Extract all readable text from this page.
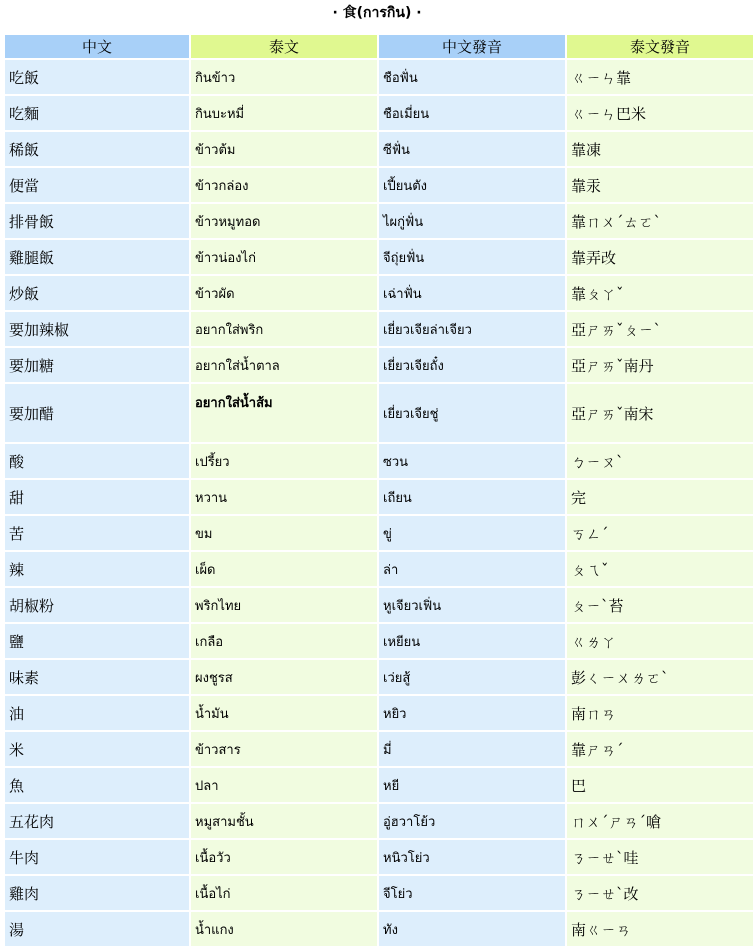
· 食(การกิน) ·
中文	泰文	中文發音	泰文發音
吃飯	กินข้าว	ชือฟั่น	ㄍㄧㄣ靠
吃麵	กินบะหมี่	ชือเมี่ยน	ㄍㄧㄣ巴米
稀飯	ข้าวต้ม	ซีฟั่น	靠凍
便當	ข้าวกล่อง	เปี้ยนตัง	靠汞
排骨飯	ข้าวหมูทอด	ไผกู่ฟั่น	靠ㄇㄨˊㄊㄛˋ
雞腿飯	ข้าวน่องไก่	จีถุ่ยฟั่น	靠弄改
炒飯	ข้าวผัด	เฉ่าฟั่น	靠ㄆㄚˇ
要加辣椒	อยากใส่พริก	เยี่ยวเจียล่าเจียว	亞ㄕㄞˇㄆㄧˋ
要加糖	อยากใส่น้ำตาล	เยี่ยวเจียถั๋ง	亞ㄕㄞˇ南丹
要加醋	อยากใส่น้ำส้ม	เยี่ยวเจียชู่	亞ㄕㄞˇ南宋
酸	เปรี้ยว	ซวน	ㄅㄧㄡˋ
甜	หวาน	เถียน	完
苦	ขม	ขู่	ㄎㄥˊ
辣	เผ็ด	ล่า	ㄆㄟˇ
胡椒粉	พริกไทย	หูเจียวเฟิ่น	ㄆㄧˋ苔
鹽	เกลือ	เหยียน	ㄍㄌㄚ
味素	ผงชูรส	เว่ยสู้	彭ㄑㄧㄨㄌㄛˋ
油	น้ำมัน	หยิว	南ㄇㄢ
米	ข้าวสาร	มี่	靠ㄕㄢˊ
魚	ปลา	หยี	巴
五花肉	หมูสามชั้น	อู่ฮวาโย้ว	ㄇㄨˊㄕㄢˊ嗆
牛肉	เนื้อวัว	หนิวโย่ว	ㄋㄧㄝˋ哇
雞肉	เนื้อไก่	จีโย่ว	ㄋㄧㄝˋ改
湯	น้ำแกง	ทัง	南ㄍㄧㄢ
